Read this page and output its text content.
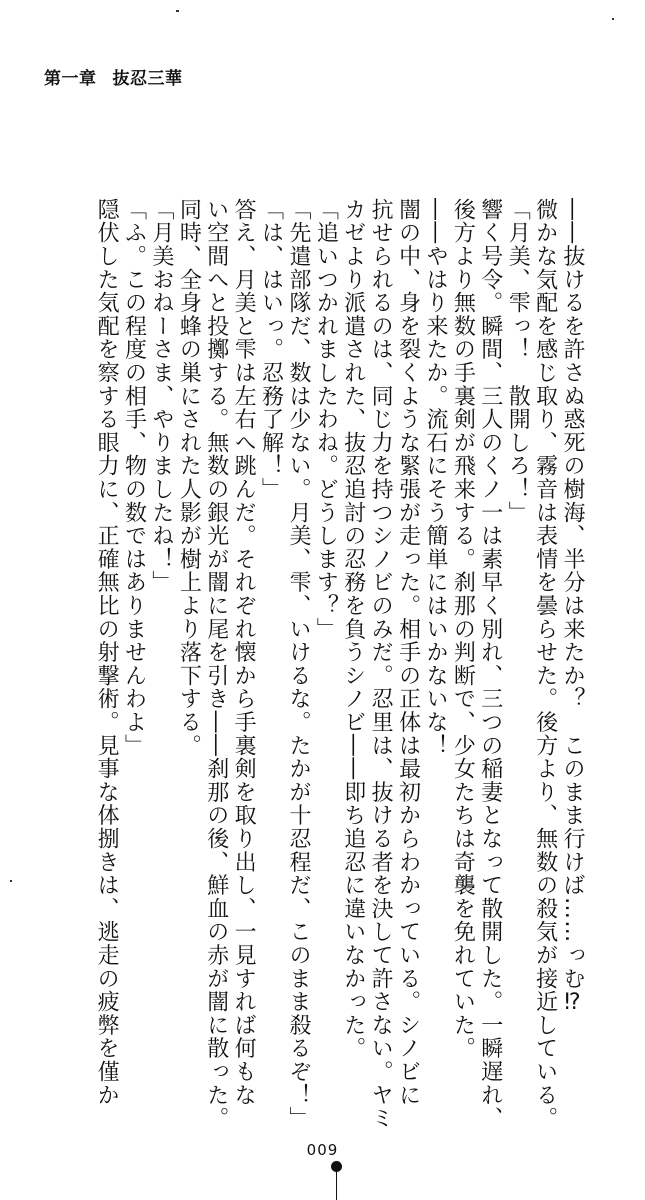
第一章 抜忍三華
――抜けるを許さぬ惑死の樹海、半分は来たか？　このまま行けば……っむ⁉
微かな気配を感じ取り、霧音は表情を曇らせた。後方より、無数の殺気が接近している。
「月美、雫っ！　散開しろ！」
響く号令。瞬間、三人のくノ一は素早く別れ、三つの稲妻となって散開した。一瞬遅れ、
後方より無数の手裏剣が飛来する。刹那の判断で、少女たちは奇襲を免れていた。
――やはり来たか。流石にそう簡単にはいかないな！
闇の中、身を裂くような緊張が走った。相手の正体は最初からわかっている。シノビに
抗せられるのは、同じ力を持つシノビのみだ。忍里は、抜ける者を決して許さない。ヤミ
カゼより派遣された、抜忍追討の忍務を負うシノビ――即ち追忍に違いなかった。
「追いつかれましたわね。どうします？」
「先遣部隊だ、数は少ない。月美、雫、いけるな。たかが十忍程だ、このまま殺るぞ！」
「は、はいっ。忍務了解！」
答え、月美と雫は左右へ跳んだ。それぞれ懐から手裏剣を取り出し、一見すれば何もな
い空間へと投擲する。無数の銀光が闇に尾を引き――刹那の後、鮮血の赤が闇に散った。
同時、全身蜂の巣にされた人影が樹上より落下する。
「月美おねーさま、やりましたね！」
「ふ。この程度の相手、物の数ではありませんわよ」
隠伏した気配を察する眼力に、正確無比の射撃術。見事な体捌きは、逃走の疲弊を僅か
009
